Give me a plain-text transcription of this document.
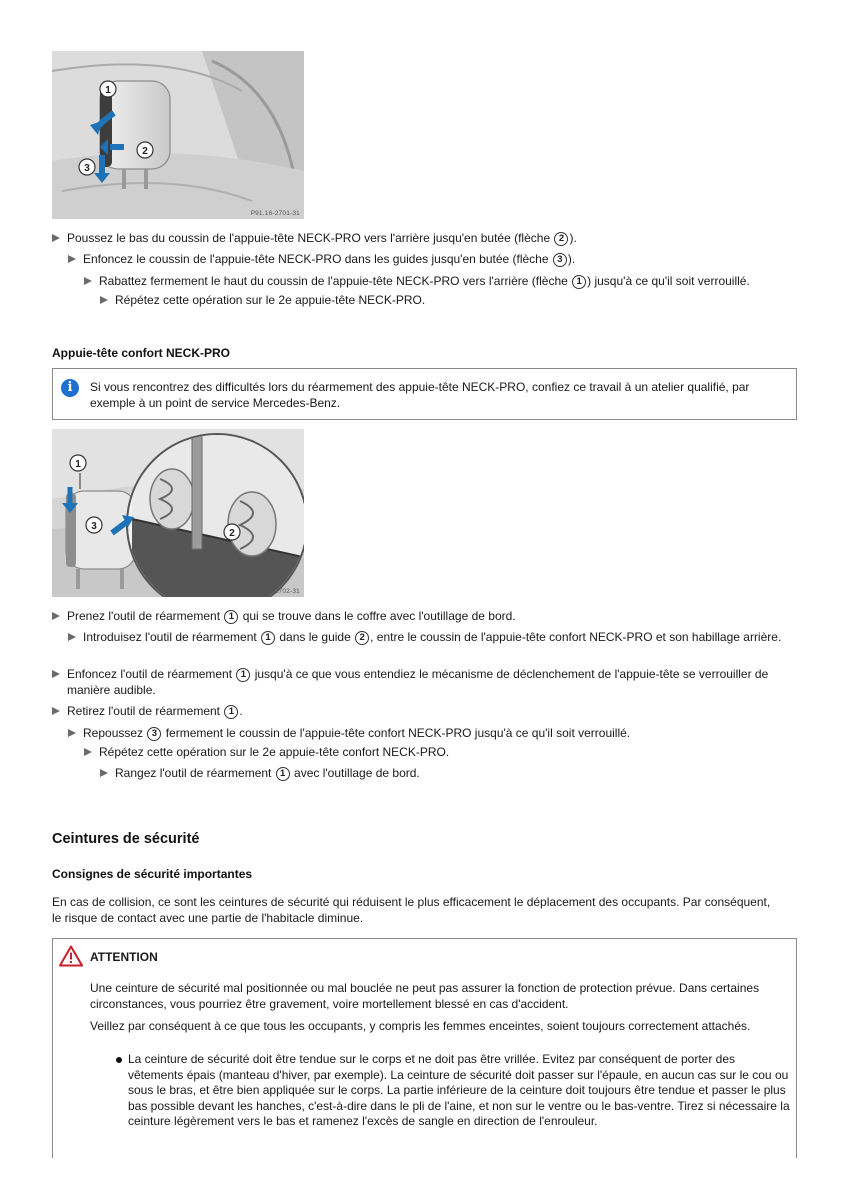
1
2
3
P91.16-2701-31
Poussez le bas du coussin de l'appuie-tête NECK-PRO vers l'arrière jusqu'en butée (flèche 2 ).
Enfoncez le coussin de l'appuie-tête NECK-PRO dans les guides jusqu'en butée (flèche 3 ).
Rabattez fermement le haut du coussin de l'appuie-tête NECK-PRO vers l'arrière (flèche 1 ) jusqu'à ce qu'il soit verrouillé.
Répétez cette opération sur le 2e appuie-tête NECK-PRO.
Appuie-tête confort NECK-PRO
i	Si vous rencontrez des difficultés lors du réarmement des appuie-tête NECK-PRO, confiez ce travail à un atelier qualifié, par exemple à un point de service Mercedes-Benz.
1
3
2
P91.16-2702-31
Prenez l'outil de réarmement 1 qui se trouve dans le coffre avec l'outillage de bord.
Introduisez l'outil de réarmement 1 dans le guide 2 , entre le coussin de l'appuie-tête confort NECK-PRO et son habillage arrière.
Enfoncez l'outil de réarmement 1 jusqu'à ce que vous entendiez le mécanisme de déclenchement de l'appuie-tête se verrouiller de manière audible.
Retirez l'outil de réarmement 1 .
Repoussez 3 fermement le coussin de l'appuie-tête confort NECK-PRO jusqu'à ce qu'il soit verrouillé.
Répétez cette opération sur le 2e appuie-tête confort NECK-PRO.
Rangez l'outil de réarmement 1 avec l'outillage de bord.
Ceintures de sécurité
Consignes de sécurité importantes
En cas de collision, ce sont les ceintures de sécurité qui réduisent le plus efficacement le déplacement des occupants. Par conséquent, le risque de contact avec une partie de l'habitacle diminue.
ATTENTION
Une ceinture de sécurité mal positionnée ou mal bouclée ne peut pas assurer la fonction de protection prévue. Dans certaines circonstances, vous pourriez être gravement, voire mortellement blessé en cas d'accident.
Veillez par conséquent à ce que tous les occupants, y compris les femmes enceintes, soient toujours correctement attachés.
La ceinture de sécurité doit être tendue sur le corps et ne doit pas être vrillée. Evitez par conséquent de porter des vêtements épais (manteau d'hiver, par exemple). La ceinture de sécurité doit passer sur l'épaule, en aucun cas sur le cou ou sous le bras, et être bien appliquée sur le corps. La partie inférieure de la ceinture doit toujours être tendue et passer le plus bas possible devant les hanches, c'est-à-dire dans le pli de l'aine, et non sur le ventre ou le bas-ventre. Tirez si nécessaire la ceinture légèrement vers le bas et ramenez l'excès de sangle en direction de l'enrouleur.
